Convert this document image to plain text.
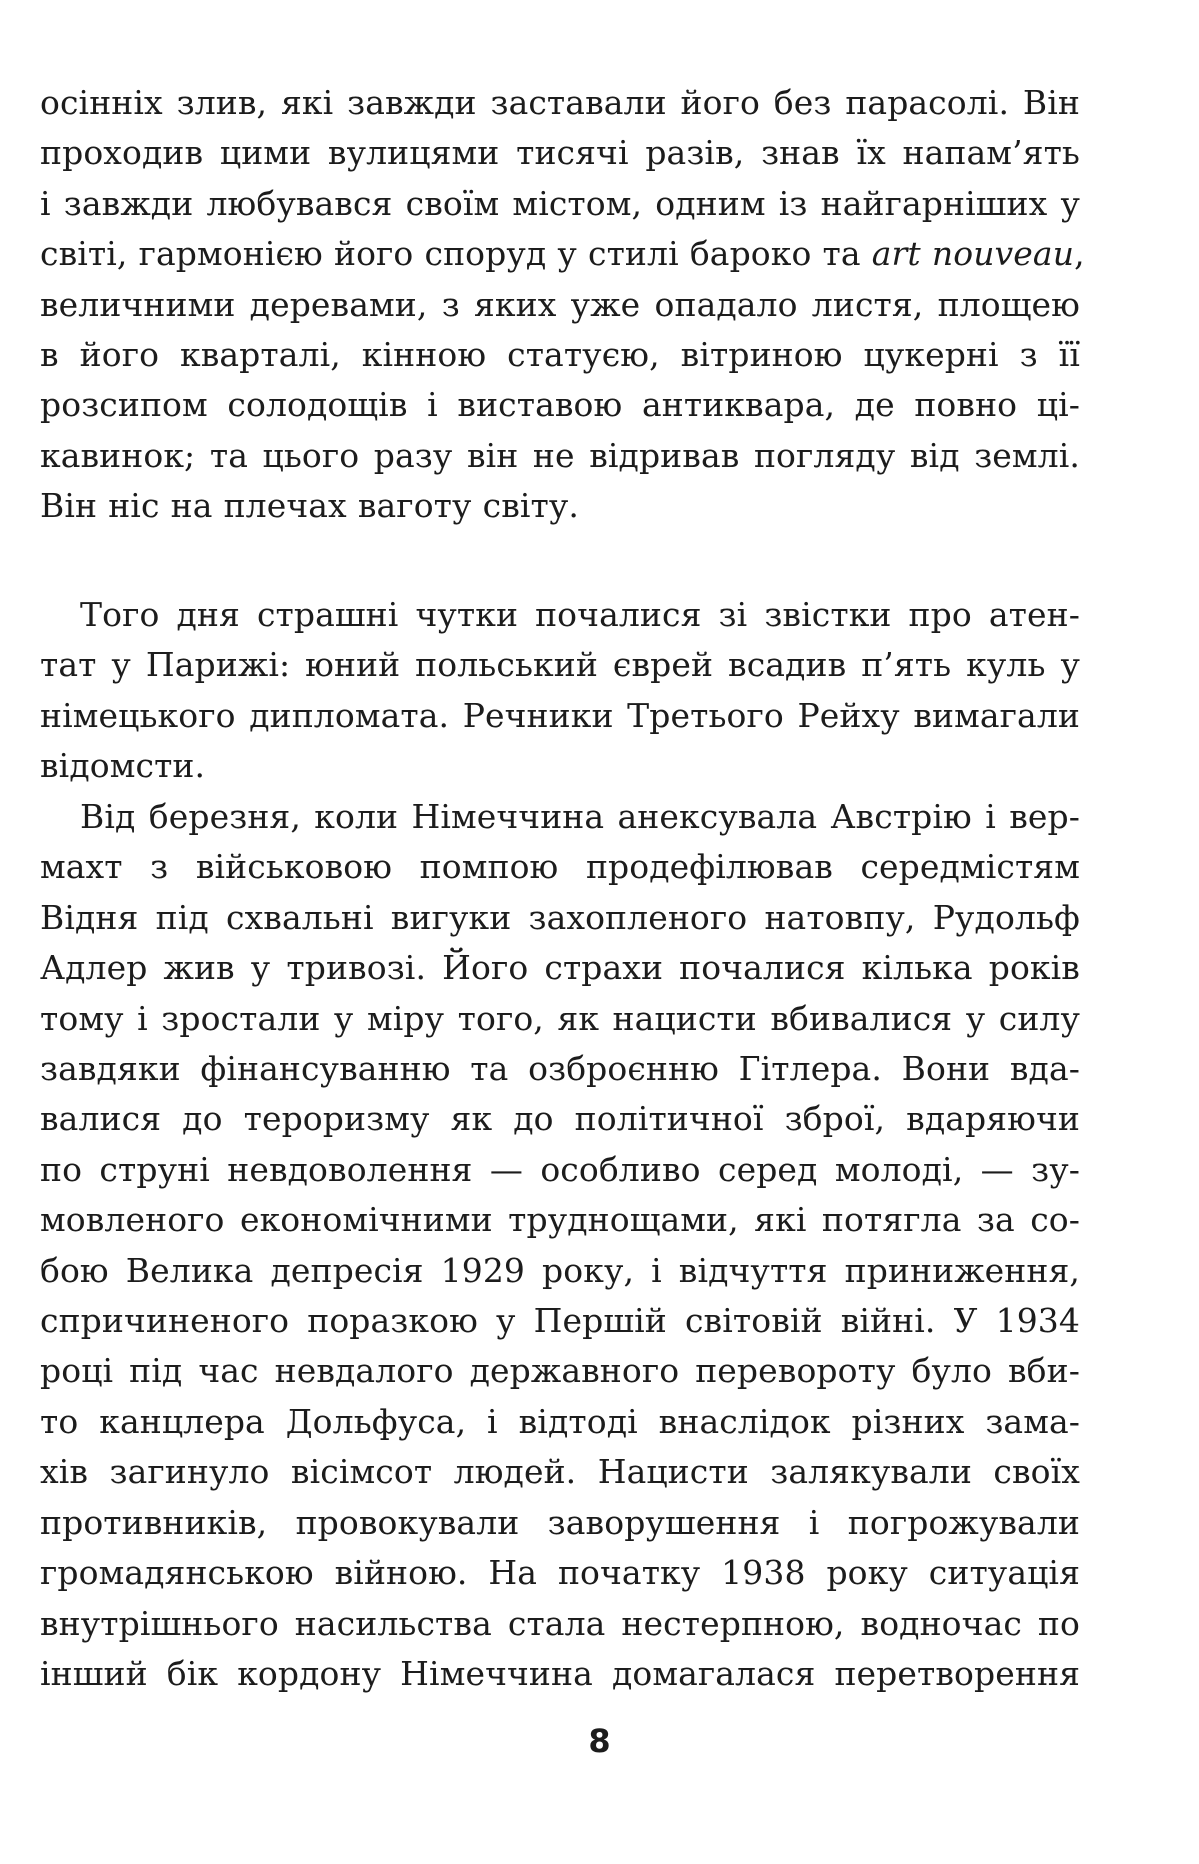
осінніх злив, які завжди заставали його без парасолі. Він
проходив цими вулицями тисячі разів, знав їх напам’ять
і завжди любувався своїм містом, одним із найгарніших у
світі, гармонією його споруд у стилі бароко та art nouveau,
величними деревами, з яких уже опадало листя, площею
в його кварталі, кінною статуєю, вітриною цукерні з її
розсипом солодощів і виставою антиквара, де повно ці-
кавинок; та цього разу він не відривав погляду від землі.
Він ніс на плечах ваготу світу.
Того дня страшні чутки почалися зі звістки про атен-
тат у Парижі: юний польський єврей всадив п’ять куль у
німецького дипломата. Речники Третього Рейху вимагали
відомсти.
Від березня, коли Німеччина анексувала Австрію і вер-
махт з військовою помпою продефілював середмістям
Відня під схвальні вигуки захопленого натовпу, Рудольф
Адлер жив у тривозі. Його страхи почалися кілька років
тому і зростали у міру того, як нацисти вбивалися у силу
завдяки фінансуванню та озброєнню Гітлера. Вони вда-
валися до тероризму як до політичної зброї, вдаряючи
по струні невдоволення — особливо серед молоді, — зу-
мовленого економічними труднощами, які потягла за со-
бою Велика депресія 1929 року, і відчуття приниження,
спричиненого поразкою у Першій світовій війні. У 1934
році під час невдалого державного перевороту було вби-
то канцлера Дольфуса, і відтоді внаслідок різних зама-
хів загинуло вісімсот людей. Нацисти залякували своїх
противників, провокували заворушення і погрожували
громадянською війною. На початку 1938 року ситуація
внутрішнього насильства стала нестерпною, водночас по
інший бік кордону Німеччина домагалася перетворення
8
